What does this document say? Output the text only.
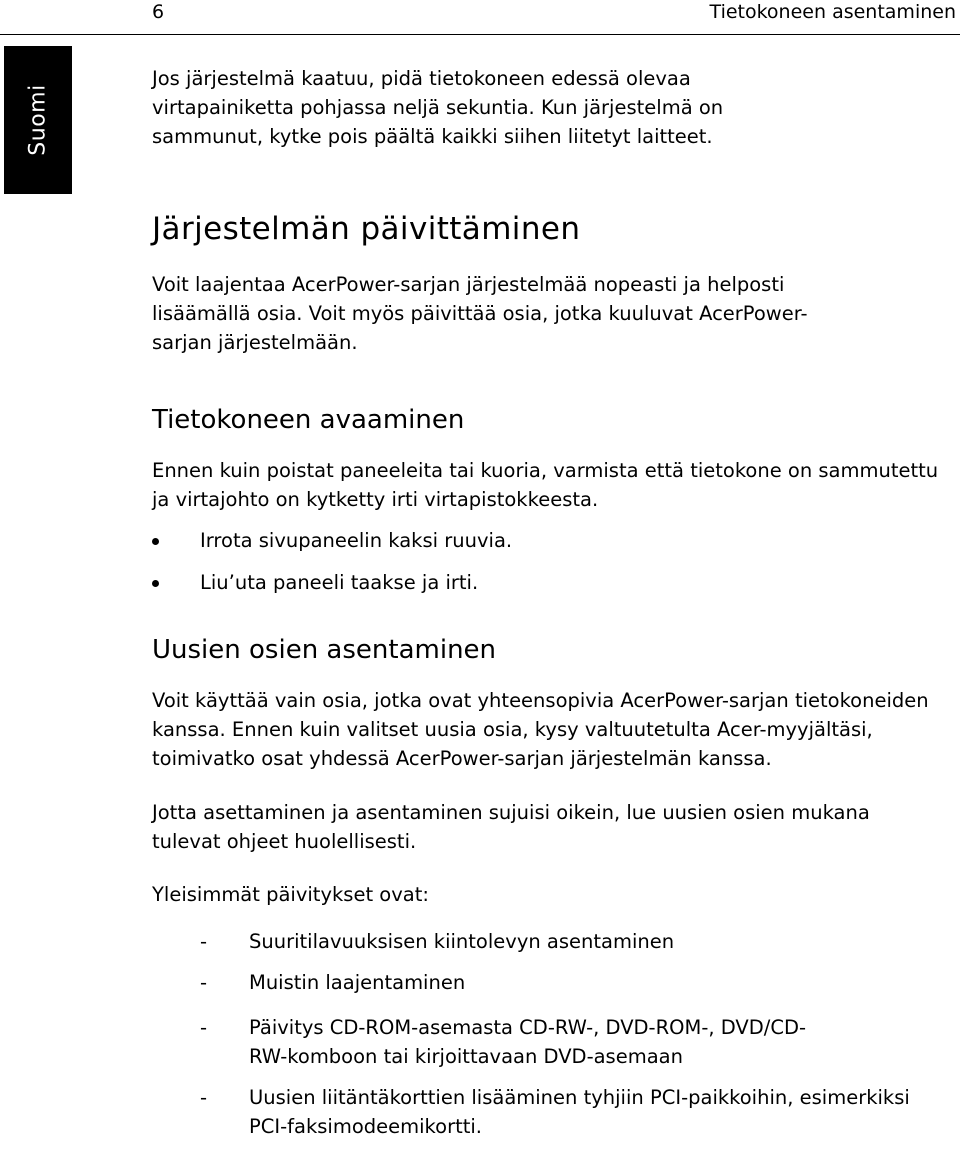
6	Tietokoneen asentaminen
Suomi

Jos järjestelmä kaatuu, pidä tietokoneen edessä olevaa virtapainiketta pohjassa neljä sekuntia. Kun järjestelmä on sammunut, kytke pois päältä kaikki siihen liitetyt laitteet.

Järjestelmän päivittäminen

Voit laajentaa AcerPower-sarjan järjestelmää nopeasti ja helposti lisäämällä osia. Voit myös päivittää osia, jotka kuuluvat AcerPower-sarjan järjestelmään.

Tietokoneen avaaminen

Ennen kuin poistat paneeleita tai kuoria, varmista että tietokone on sammutettu ja virtajohto on kytketty irti virtapistokkeesta.

Irrota sivupaneelin kaksi ruuvia.
Liu’uta paneeli taakse ja irti.
Uusien osien asentaminen

Voit käyttää vain osia, jotka ovat yhteensopivia AcerPower-sarjan tietokoneiden kanssa. Ennen kuin valitset uusia osia, kysy valtuutetulta Acer-myyjältäsi, toimivatko osat yhdessä AcerPower-sarjan järjestelmän kanssa.

Jotta asettaminen ja asentaminen sujuisi oikein, lue uusien osien mukana tulevat ohjeet huolellisesti.

Yleisimmät päivitykset ovat:

- Suuritilavuuksisen kiintolevyn asentaminen
- Muistin laajentaminen
- Päivitys CD-ROM-asemasta CD-RW-, DVD-ROM-, DVD/CD-RW-komboon tai kirjoittavaan DVD-asemaan
- Uusien liitäntäkorttien lisääminen tyhjiin PCI-paikkoihin, esimerkiksi PCI-faksimodeemikortti.
